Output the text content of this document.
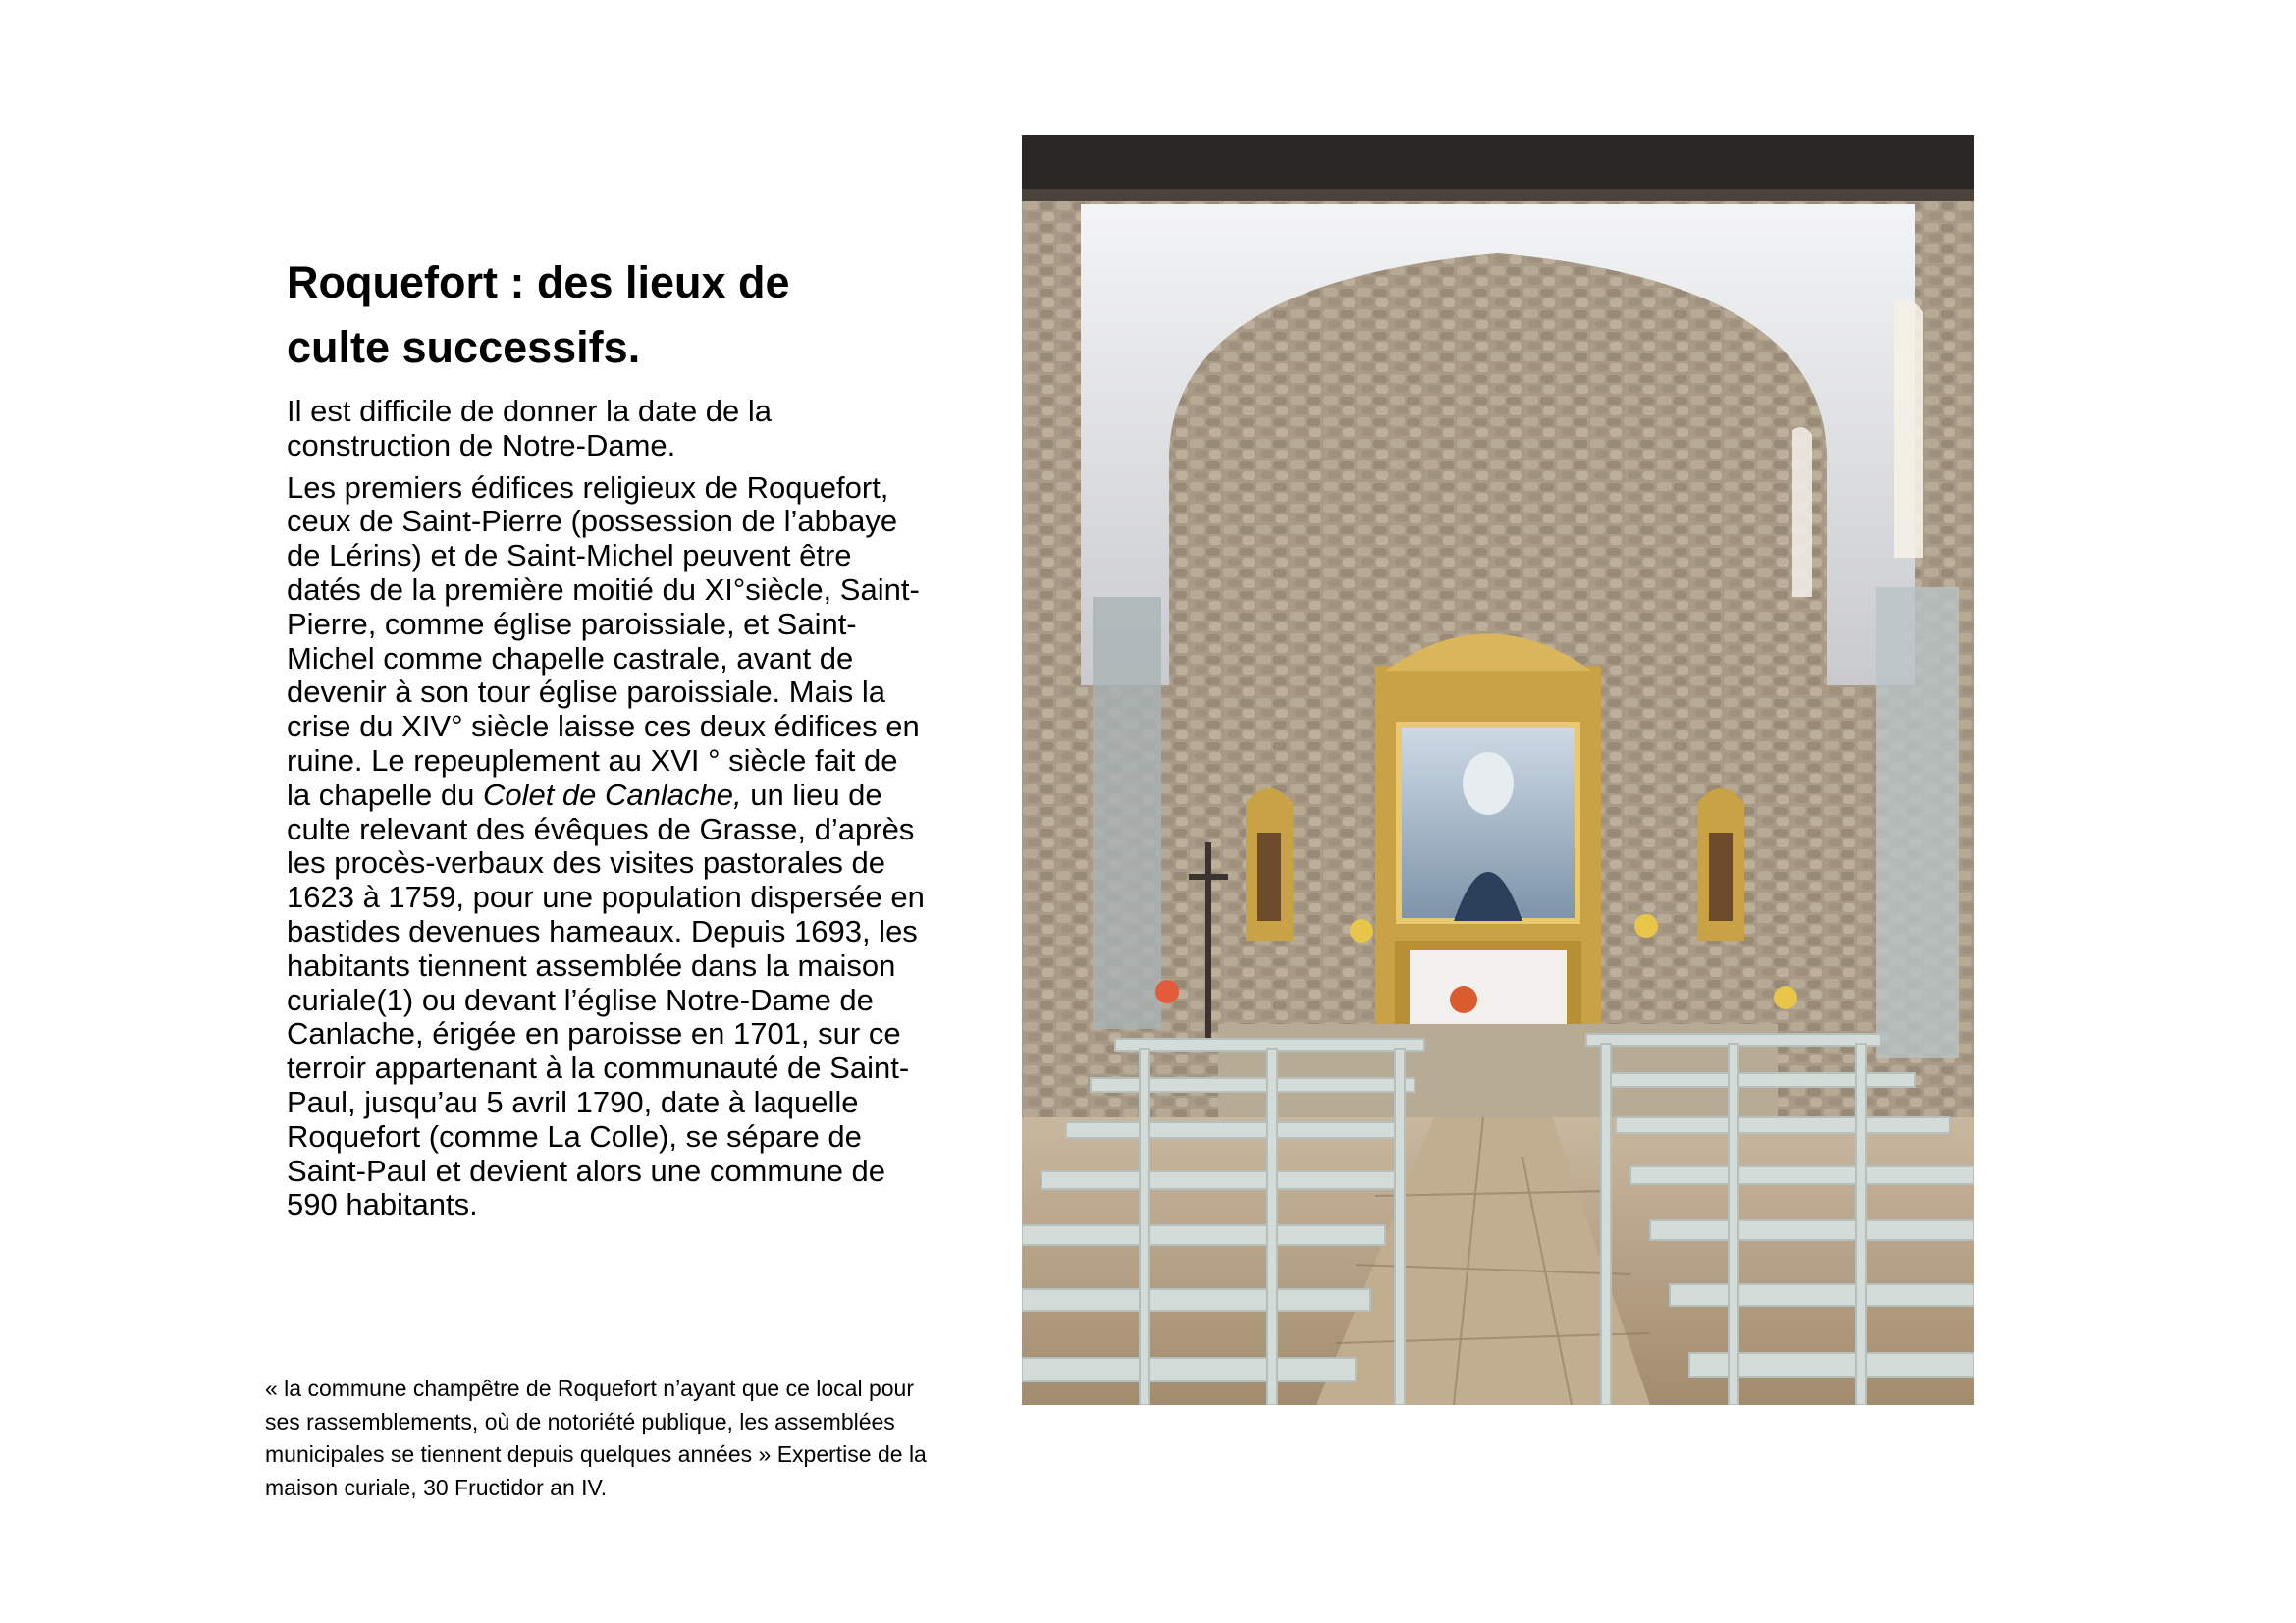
Roquefort : des lieux de
culte successifs.

Il est difficile de donner la date de la construction de Notre-Dame.

Les premiers édifices religieux de Roquefort, ceux de Saint-Pierre (possession de l’abbaye de Lérins) et de Saint-Michel peuvent être datés de la première moitié du XI°siècle, Saint-Pierre, comme église paroissiale, et Saint-Michel comme chapelle castrale, avant de devenir à son tour église paroissiale. Mais la crise du XIV° siècle laisse ces deux édifices en ruine. Le repeuplement au XVI ° siècle fait de la chapelle du Colet de Canlache, un lieu de culte relevant des évêques de Grasse, d’après les procès-verbaux des visites pastorales de 1623 à 1759, pour une population dispersée en bastides devenues hameaux. Depuis 1693, les habitants tiennent assemblée dans la maison curiale(1) ou devant l’église Notre-Dame de Canlache, érigée en paroisse en 1701, sur ce terroir appartenant à la communauté de Saint-Paul, jusqu’au 5 avril 1790, date à laquelle Roquefort (comme La Colle), se sépare de Saint-Paul et devient alors une commune de 590 habitants.

« la commune champêtre de Roquefort n’ayant que ce local pour ses rassemblements, où de notoriété publique, les assemblées municipales se tiennent depuis quelques années » Expertise de la maison curiale, 30 Fructidor an IV.
